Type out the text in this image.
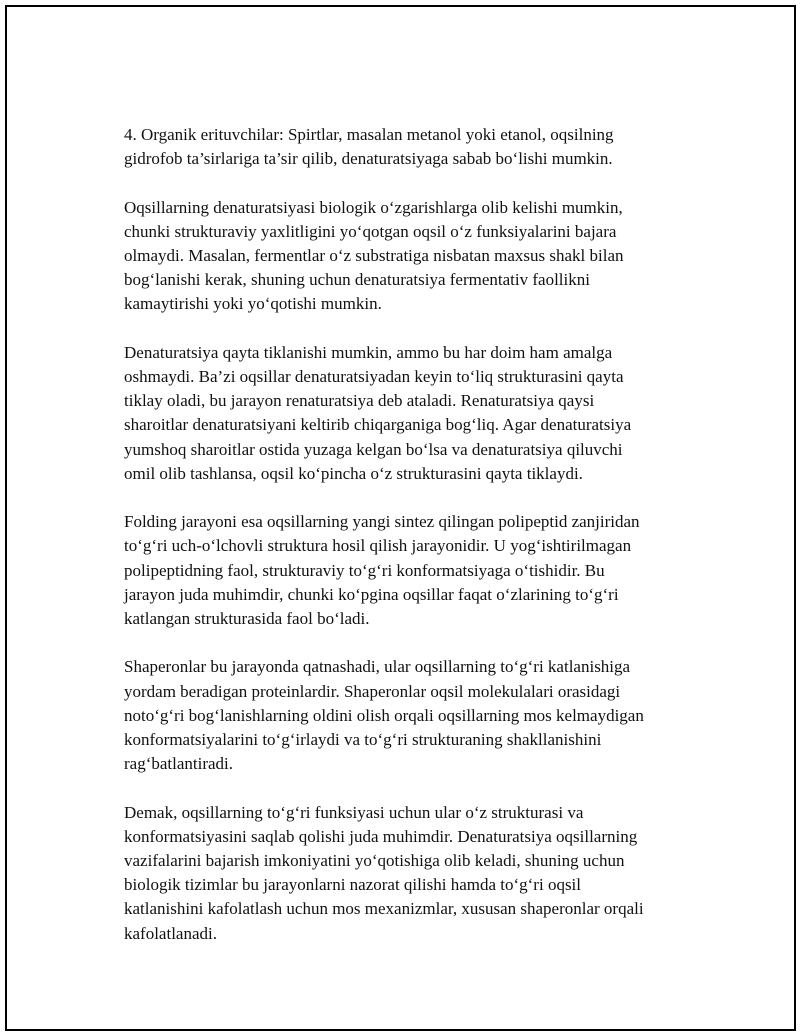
4. Organik erituvchilar: Spirtlar, masalan metanol yoki etanol, oqsilning
gidrofob ta’sirlariga ta’sir qilib, denaturatsiyaga sabab bo‘lishi mumkin.

Oqsillarning denaturatsiyasi biologik o‘zgarishlarga olib kelishi mumkin,
chunki strukturaviy yaxlitligini yo‘qotgan oqsil o‘z funksiyalarini bajara
olmaydi. Masalan, fermentlar o‘z substratiga nisbatan maxsus shakl bilan
bog‘lanishi kerak, shuning uchun denaturatsiya fermentativ faollikni
kamaytirishi yoki yo‘qotishi mumkin.

Denaturatsiya qayta tiklanishi mumkin, ammo bu har doim ham amalga
oshmaydi. Ba’zi oqsillar denaturatsiyadan keyin to‘liq strukturasini qayta
tiklay oladi, bu jarayon renaturatsiya deb ataladi. Renaturatsiya qaysi
sharoitlar denaturatsiyani keltirib chiqarganiga bog‘liq. Agar denaturatsiya
yumshoq sharoitlar ostida yuzaga kelgan bo‘lsa va denaturatsiya qiluvchi
omil olib tashlansa, oqsil ko‘pincha o‘z strukturasini qayta tiklaydi.

Folding jarayoni esa oqsillarning yangi sintez qilingan polipeptid zanjiridan
to‘g‘ri uch-o‘lchovli struktura hosil qilish jarayonidir. U yog‘ishtirilmagan
polipeptidning faol, strukturaviy to‘g‘ri konformatsiyaga o‘tishidir. Bu
jarayon juda muhimdir, chunki ko‘pgina oqsillar faqat o‘zlarining to‘g‘ri
katlangan strukturasida faol bo‘ladi.

Shaperonlar bu jarayonda qatnashadi, ular oqsillarning to‘g‘ri katlanishiga
yordam beradigan proteinlardir. Shaperonlar oqsil molekulalari orasidagi
noto‘g‘ri bog‘lanishlarning oldini olish orqali oqsillarning mos kelmaydigan
konformatsiyalarini to‘g‘irlaydi va to‘g‘ri strukturaning shakllanishini
rag‘batlantiradi.

Demak, oqsillarning to‘g‘ri funksiyasi uchun ular o‘z strukturasi va
konformatsiyasini saqlab qolishi juda muhimdir. Denaturatsiya oqsillarning
vazifalarini bajarish imkoniyatini yo‘qotishiga olib keladi, shuning uchun
biologik tizimlar bu jarayonlarni nazorat qilishi hamda to‘g‘ri oqsil
katlanishini kafolatlash uchun mos mexanizmlar, xususan shaperonlar orqali
kafolatlanadi.
